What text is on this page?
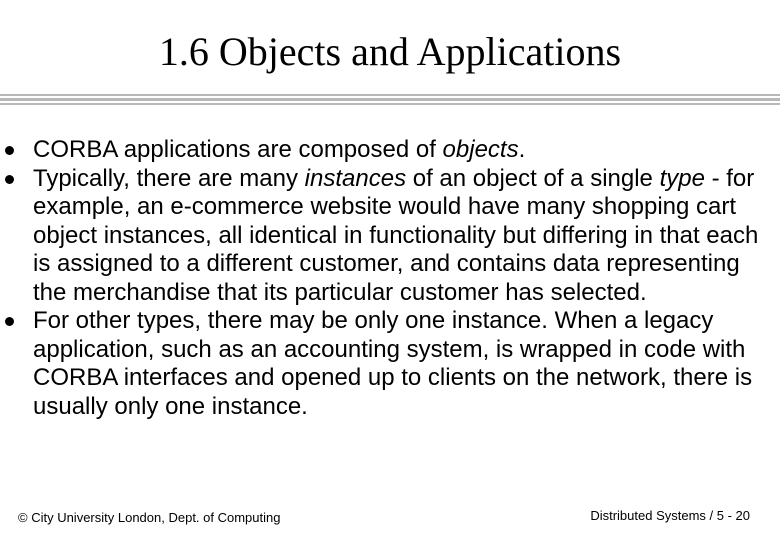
1.6 Objects and Applications
CORBA applications are composed of objects.
Typically, there are many instances of an object of a single type - for example, an e-commerce website would have many shopping cart object instances, all identical in functionality but differing in that each is assigned to a different customer, and contains data representing the merchandise that its particular customer has selected.
For other types, there may be only one instance. When a legacy application, such as an accounting system, is wrapped in code with CORBA interfaces and opened up to clients on the network, there is usually only one instance.
© City University London, Dept. of Computing	Distributed Systems / 5 - 20
